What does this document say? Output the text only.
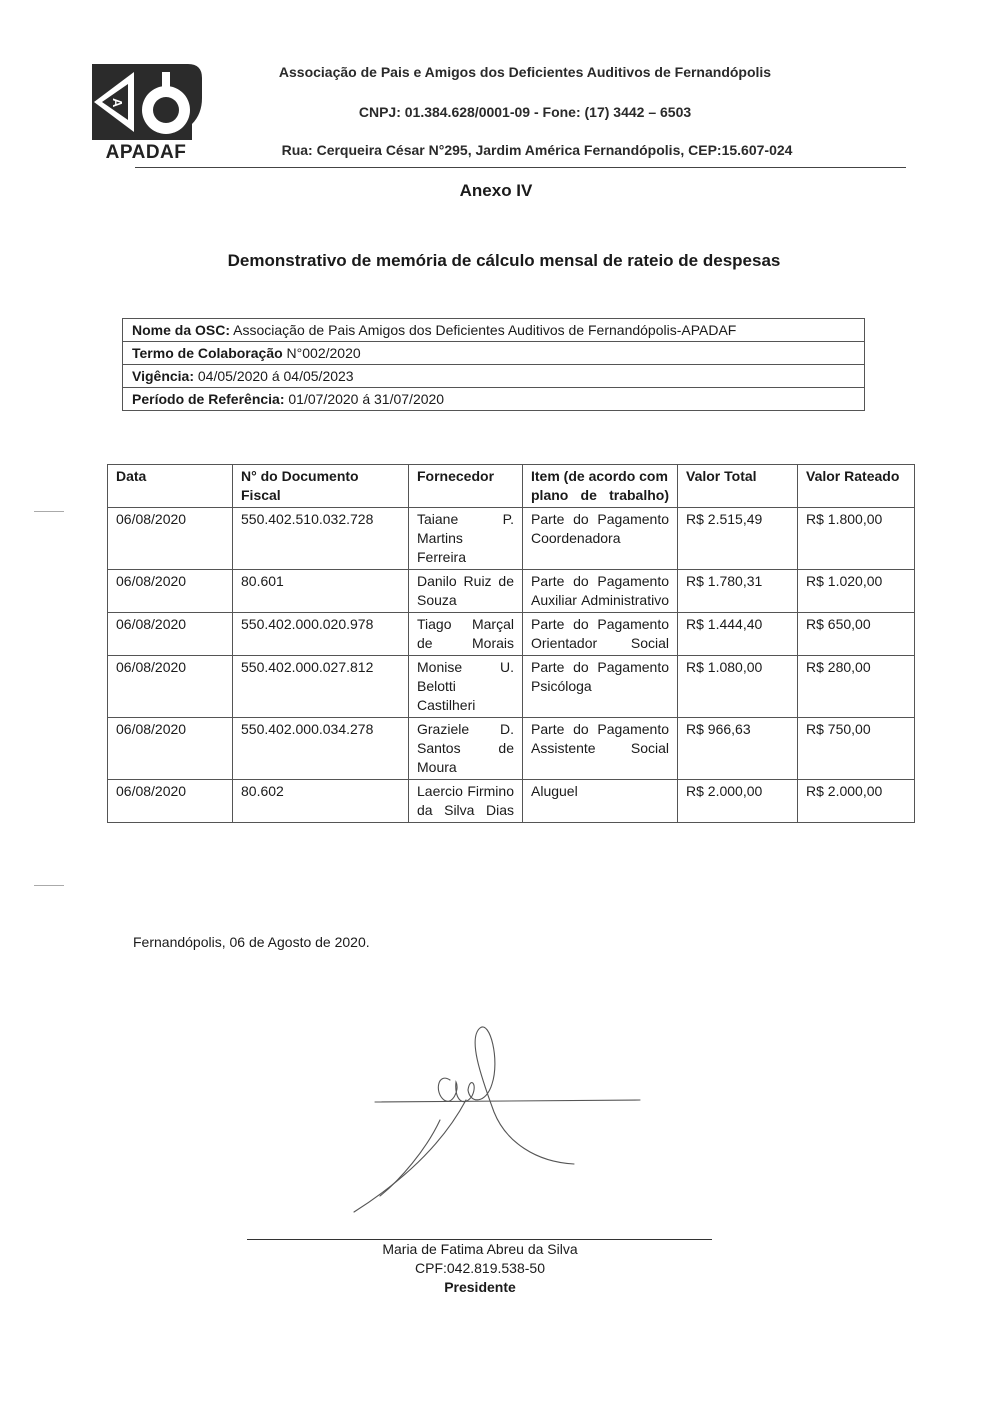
A
APADAF
Associação de Pais e Amigos dos Deficientes Auditivos de Fernandópolis
CNPJ: 01.384.628/0001-09 - Fone: (17) 3442 – 6503
Rua: Cerqueira César N°295, Jardim América Fernandópolis, CEP:15.607-024
Anexo IV
Demonstrativo de memória de cálculo mensal de rateio de despesas
Nome da OSC: Associação de Pais Amigos dos Deficientes Auditivos de Fernandópolis-APADAF
Termo de Colaboração N°002/2020
Vigência: 04/05/2020 á 04/05/2023
Período de Referência: 01/07/2020 á 31/07/2020
Data	N° do Documento Fiscal	Fornecedor	Item (de acordo com plano de trabalho)	Valor Total	Valor Rateado
06/08/2020	550.402.510.032.728	Taiane P. Martins Ferreira	Parte do Pagamento Coordenadora	R$ 2.515,49	R$ 1.800,00
06/08/2020	80.601	Danilo Ruiz de Souza	Parte do Pagamento Auxiliar Administrativo	R$ 1.780,31	R$ 1.020,00
06/08/2020	550.402.000.020.978	Tiago Marçal de Morais	Parte do Pagamento Orientador Social	R$ 1.444,40	R$ 650,00
06/08/2020	550.402.000.027.812	Monise U. Belotti Castilheri	Parte do Pagamento Psicóloga	R$ 1.080,00	R$ 280,00
06/08/2020	550.402.000.034.278	Graziele D. Santos de Moura	Parte do Pagamento Assistente Social	R$ 966,63	R$ 750,00
06/08/2020	80.602	Laercio Firmino da Silva Dias	Aluguel	R$ 2.000,00	R$ 2.000,00
Fernandópolis, 06 de Agosto de 2020.
Maria de Fatima Abreu da Silva
CPF:042.819.538-50
Presidente
